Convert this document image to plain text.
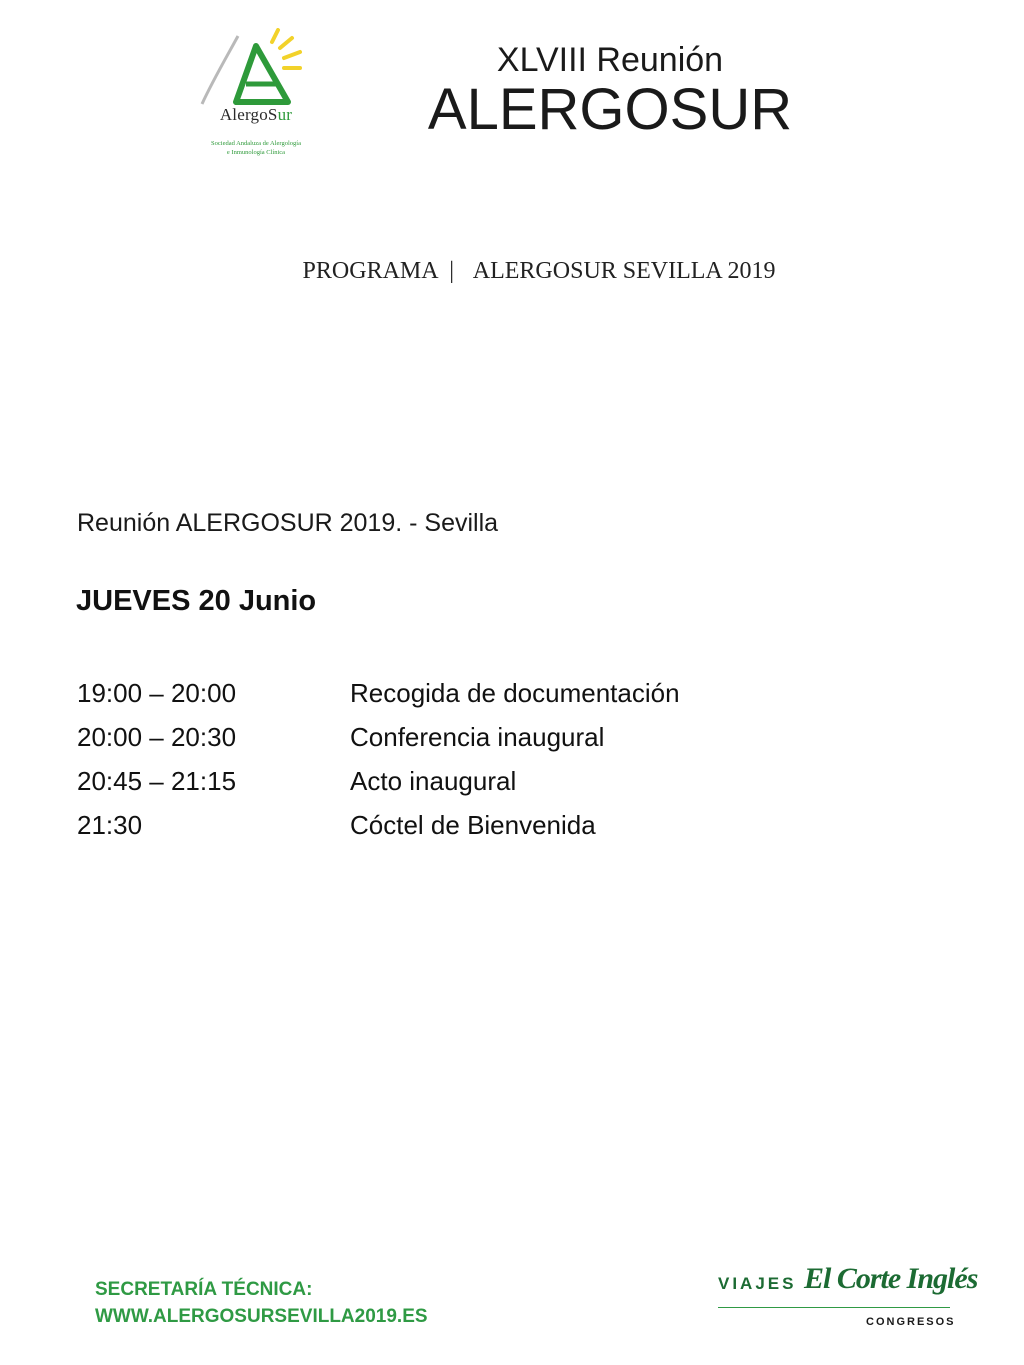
AlergoSur
Sociedad Andaluza de Alergología
e Inmunología Clínica
XLVIII Reunión
ALERGOSUR
PROGRAMA | ALERGOSUR SEVILLA 2019
Reunión ALERGOSUR 2019. - Sevilla
JUEVES 20 Junio
19:00 – 20:00	Recogida de documentación
20:00 – 20:30	Conferencia inaugural
20:45 – 21:15	Acto inaugural
21:30	Cóctel de Bienvenida
SECRETARÍA TÉCNICA:
WWW.ALERGOSURSEVILLA2019.ES
VIAJES El Corte Inglés
CONGRESOS
